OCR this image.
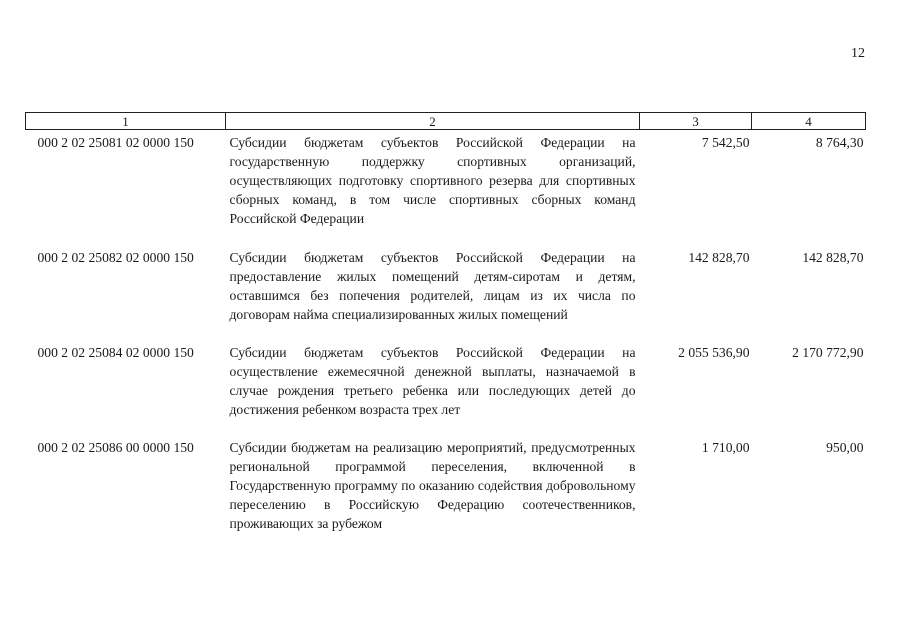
12
1	2	3	4
000 2 02 25081 02 0000 150	Субсидии бюджетам субъектов Российской Федерации на государственную поддержку спортивных организаций, осуществляющих подготовку спортивного резерва для спортивных сборных команд, в том числе спортивных сборных команд Российской Федерации	7 542,50	8 764,30
000 2 02 25082 02 0000 150	Субсидии бюджетам субъектов Российской Федерации на предоставление жилых помещений детям-сиротам и детям, оставшимся без попечения родителей, лицам из их числа по договорам найма специализированных жилых помещений	142 828,70	142 828,70
000 2 02 25084 02 0000 150	Субсидии бюджетам субъектов Российской Федерации на осуществление ежемесячной денежной выплаты, назначаемой в случае рождения третьего ребенка или последующих детей до достижения ребенком возраста трех лет	2 055 536,90	2 170 772,90
000 2 02 25086 00 0000 150	Субсидии бюджетам на реализацию мероприятий, предусмотренных региональной программой переселения, включенной в Государственную программу по оказанию содействия добровольному переселению в Российскую Федерацию соотечественников, проживающих за рубежом	1 710,00	950,00
